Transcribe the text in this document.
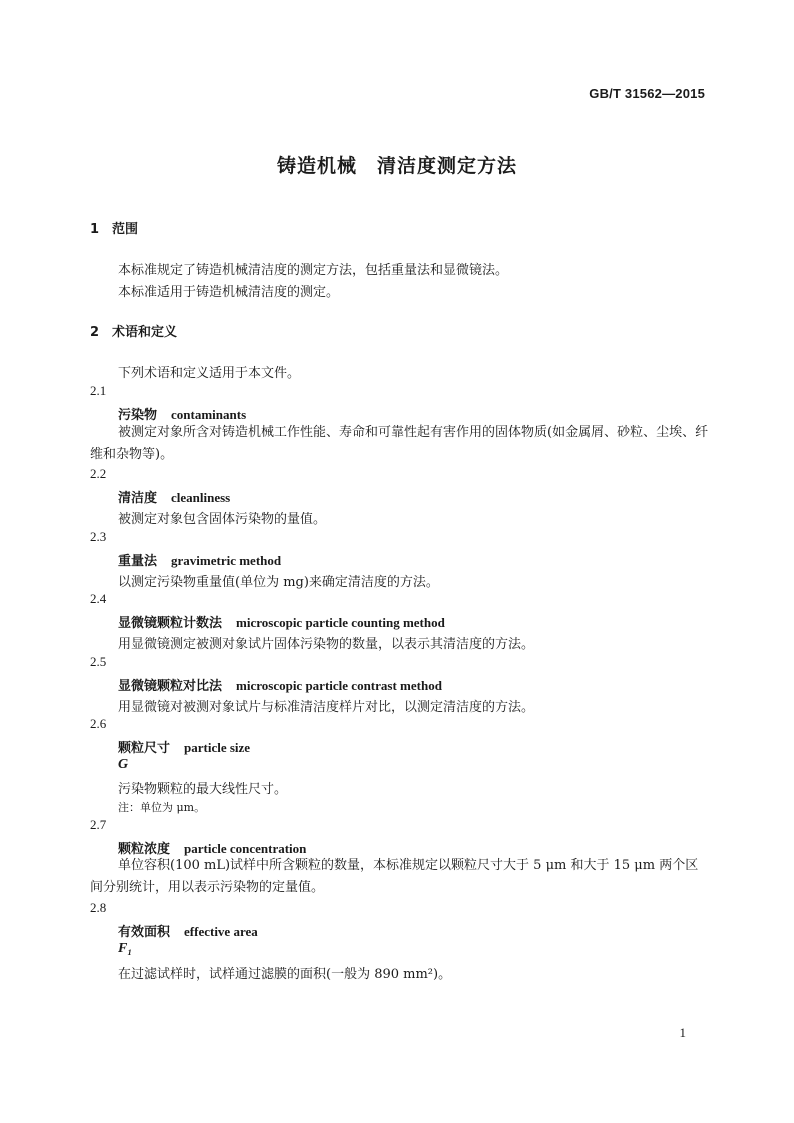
GB/T 31562—2015
铸造机械　清洁度测定方法
1 范围
本标准规定了铸造机械清洁度的测定方法，包括重量法和显微镜法。
本标准适用于铸造机械清洁度的测定。
2 术语和定义
下列术语和定义适用于本文件。
2.1
污染物 contaminants
被测定对象所含对铸造机械工作性能、寿命和可靠性起有害作用的固体物质(如金属屑、砂粒、尘埃、纤维和杂物等)。
2.2
清洁度 cleanliness
被测定对象包含固体污染物的量值。
2.3
重量法 gravimetric method
以测定污染物重量值(单位为 mg)来确定清洁度的方法。
2.4
显微镜颗粒计数法 microscopic particle counting method
用显微镜测定被测对象试片固体污染物的数量，以表示其清洁度的方法。
2.5
显微镜颗粒对比法 microscopic particle contrast method
用显微镜对被测对象试片与标准清洁度样片对比，以测定清洁度的方法。
2.6
颗粒尺寸 particle size
G
污染物颗粒的最大线性尺寸。
注：单位为 μm。
2.7
颗粒浓度 particle concentration
单位容积(100 mL)试样中所含颗粒的数量，本标准规定以颗粒尺寸大于 5 μm 和大于 15 μm 两个区间分别统计，用以表示污染物的定量值。
2.8
有效面积 effective area
F₁
在过滤试样时，试样通过滤膜的面积(一般为 890 mm²)。
1
